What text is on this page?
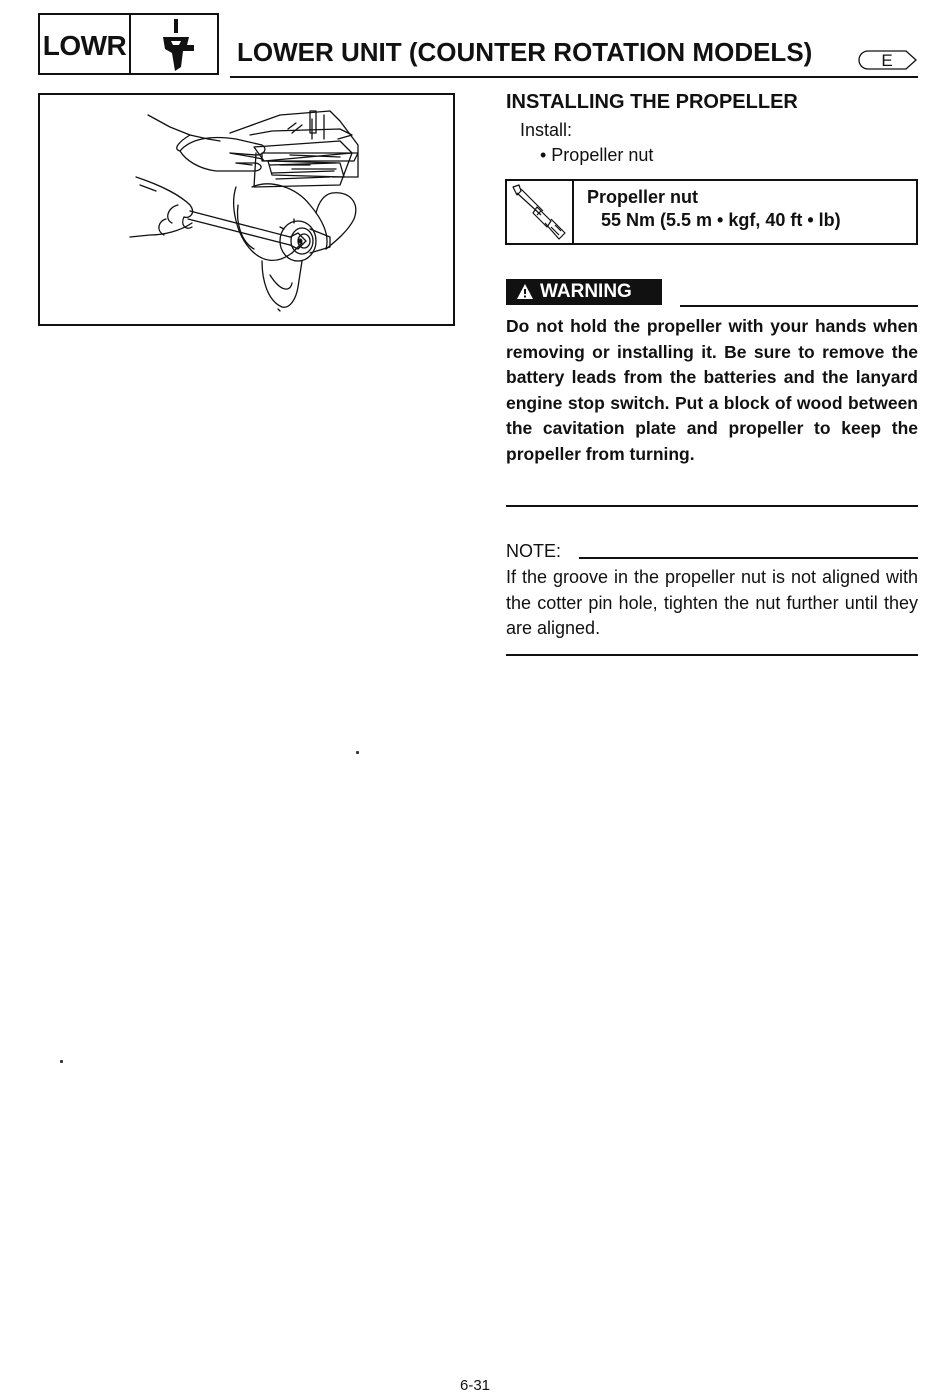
LOWR	LOWER UNIT (COUNTER ROTATION MODELS)	E
INSTALLING THE PROPELLER
Install:
• Propeller nut
Propeller nut
55 Nm (5.5 m • kgf, 40 ft • lb)
WARNING
Do not hold the propeller with your hands when removing or installing it. Be sure to remove the battery leads from the batteries and the lanyard engine stop switch. Put a block of wood between the cavitation plate and propeller to keep the propeller from turning.
NOTE:
If the groove in the propeller nut is not aligned with the cotter pin hole, tighten the nut further until they are aligned.
6-31
